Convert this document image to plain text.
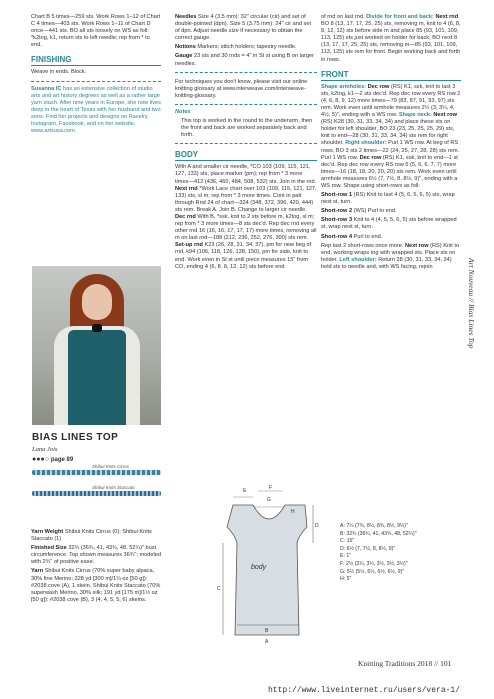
Chart B 5 times—259 sts. Work Rows 1–12 of Chart C 4 times—403 sts. Work Rows 1–11 of Chart D once—441 sts. BO all sts loosely on WS as foll: *k2tog, k1, return sts to left needle; rep from * to end.

FINISHING

Weave in ends. Block.

Susanna IC has an extensive collection of studio arts and art history degrees as well as a rather large yarn stash. After nine years in Europe, she now lives deep in the heart of Texas with her husband and two sons. Find her projects and designs on Ravelry, Instagram, Facebook, and on her website, www.artsusa.com.

BIAS LINES TOP
Lana Jois
●●●○ page 89
Shibui Knits Cirrus
Shibui Knits Staccato

Yarn Weight Shibui Knits Cirrus (0); Shibui Knits Staccato (1)

Finished Size 32¾ (36¾, 41, 43¾, 48, 52¼)" bust circumference. Top shown measures 36¾"; modeled with 2¾" of positive ease.

Yarn Shibui Knits Cirrus (70% super baby alpaca, 30% fine Merino; 328 yd [300 m]/1¼ oz [50 g]): #2038 cove (A), 1 skein. Shibui Knits Staccato (70% superwash Merino, 30% silk; 191 yd [175 m]/1½ oz [50 g]): #2038 cove (B), 3 (4, 4, 5, 5, 6) skeins.

Needles Size 4 (3.5 mm): 32" circular (cir) and set of double-pointed (dpn). Size 5 (3.75 mm): 24" cir and set of dpn. Adjust needle size if necessary to obtain the correct gauge.

Notions Markers; stitch holders; tapestry needle.

Gauge 23 sts and 30 rnds = 4" in St st using B on larger needles.

For techniques you don't know, please visit our online knitting glossary at www.interweave.com/interweave-knitting-glossary.

Notes

This top is worked in the round to the underarm, then the front and back are worked separately back and forth.

BODY

With A and smaller cir needle, *CO 103 (109, 115, 121, 127, 133) sts, place marker (pm); rep from * 3 more times—412 (436, 460, 484, 508, 532) sts. Join in the rnd. Next rnd *Work Lace chart over 103 (109, 115, 121, 127, 133) sts, sl m; rep from * 3 more times. Cont in patt through Rnd 24 of chart—324 (348, 372, 396, 420, 444) sts rem. Break A. Join B. Change to larger cir needle. Dec rnd With B, *ssk, knit to 2 sts before m, k2tog, sl m; rep from * 3 more times—8 sts dec'd. Rep dec rnd every other rnd 16 (16, 16, 17, 17, 17) more times, removing all m on last rnd—188 (212, 236, 252, 276, 300) sts rem. Set-up rnd K23 (26, 28, 31, 34, 37), pm for new beg of rnd, k94 (106, 118, 126, 138, 150), pm for side, knit to end. Work even in St st until piece measures 15" from CO, ending 4 (6, 8, 8, 12, 12) sts before end

of rnd on last rnd. Divide for front and back: Next rnd BO 8 (13, 17, 17, 25, 25) sts, removing m, knit to 4 (6, 8, 8, 12, 12) sts before side m and place 85 (93, 101, 109, 113, 125) sts just worked on holder for back, BO next 8 (13, 17, 17, 25, 25) sts, removing m—85 (93, 101, 109, 113, 125) sts rem for front. Begin working back and forth in rows.

FRONT

Shape armholes: Dec row (RS) K1, ssk, knit to last 3 sts, k2tog, k1—2 sts dec'd. Rep dec row every RS row 2 (4, 6, 8, 9, 12) more times—79 (83, 87, 91, 93, 97) sts rem. Work even until armhole measures 2½ (3, 3¼, 4, 4½, 5)", ending with a WS row. Shape neck: Next row (RS) K28 (30, 31, 33, 34, 34) and place these sts on holder for left shoulder, BO 23 (23, 25, 25, 25, 29) sts, knit to end—28 (30, 31, 33, 34, 34) sts rem for right shoulder. Right shoulder: Purl 1 WS row. At beg of RS rows, BO 3 sts 2 times—22 (24, 25, 27, 28, 28) sts rem. Purl 1 WS row. Dec row (RS) K1, ssk, knit to end—1 st dec'd. Rep dec row every RS row 5 (5, 6, 6, 7, 7) more times—16 (18, 18, 20, 20, 20) sts rem. Work even until armhole measures 6½ (7, 7½, 8, 8½, 9)", ending with a WS row. Shape using short-rows as foll:

Short-row 1 (RS) Knit to last 4 (5, 6, 5, 6, 5) sts, wrap next st, turn.

Short-row 2 (WS) Purl to end.

Short-row 3 Knit to 4 (4, 5, 5, 6, 5) sts before wrapped st, wrap next st, turn.

Short-row 4 Purl to end.

Rep last 2 short-rows once more. Next row (RS) Knit to end, working wraps tog with wrapped sts. Place sts on holder. Left shoulder: Return 28 (30, 31, 33, 34, 34) held sts to needle and, with WS facing, rejoin

E	F
G
H
D
C
B
A
body
A: 7¼ (7¾, 8½, 8¾, 8½, 9½)"
B: 32¾ (36¾, 41, 43¾, 48, 52¼)"
C: 15"
D: 6½ (7, 7½, 8, 8½, 9)"
E: 1"
F: 2½ (3¼, 3¼, 3½, 3½, 3½)"
G: 5½ (5½, 6½, 6½, 6½, 9)"
H: 5"
Art Nouveau // Bias Lines Top
Knitting Traditions 2018 // 101
http://www.liveinternet.ru/users/vera-1/
